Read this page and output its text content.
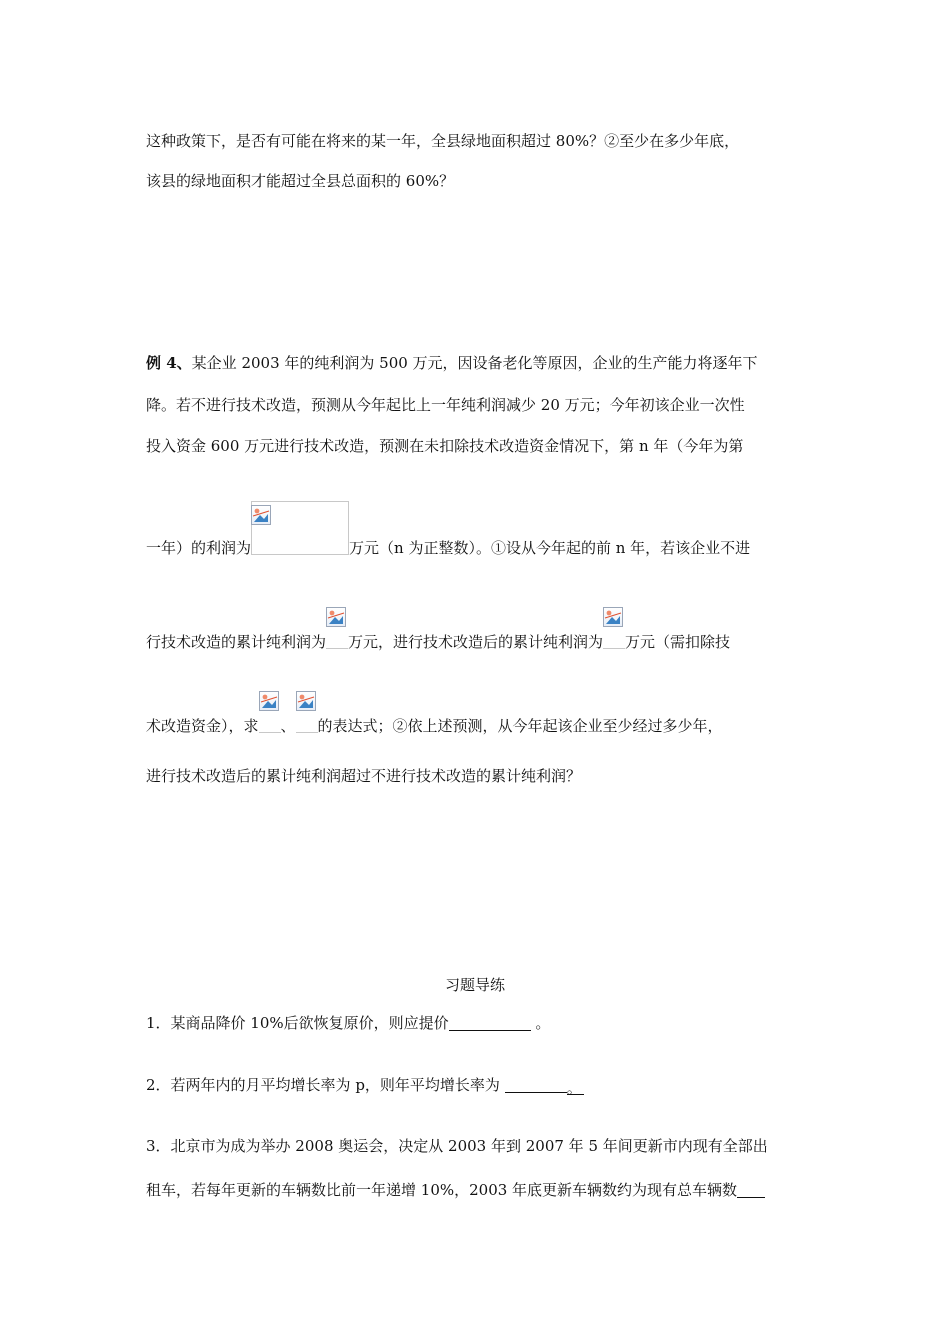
这种政策下，是否有可能在将来的某一年，全县绿地面积超过 80%？②至少在多少年底，
该县的绿地面积才能超过全县总面积的 60%？
例 4、某企业 2003 年的纯利润为 500 万元，因设备老化等原因，企业的生产能力将逐年下
降。若不进行技术改造，预测从今年起比上一年纯利润减少 20 万元；今年初该企业一次性
投入资金 600 万元进行技术改造，预测在未扣除技术改造资金情况下，第 n 年（今年为第
一年）的利润为	万元（n 为正整数）。①设从今年起的前 n 年，若该企业不进
行技术改造的累计纯利润为 万元，进行技术改造后的累计纯利润为 万元（需扣除技
术改造资金），求 、 的表达式；②依上述预测，从今年起该企业至少经过多少年，
进行技术改造后的累计纯利润超过不进行技术改造的累计纯利润？
习题导练
1．某商品降价 10%后欲恢复原价，则应提价	。
2．若两年内的月平均增长率为 p，则年平均增长率为	。
3．北京市为成为举办 2008 奥运会，决定从 2003 年到 2007 年 5 年间更新市内现有全部出
租车，若每年更新的车辆数比前一年递增 10%，2003 年底更新车辆数约为现有总车辆数
